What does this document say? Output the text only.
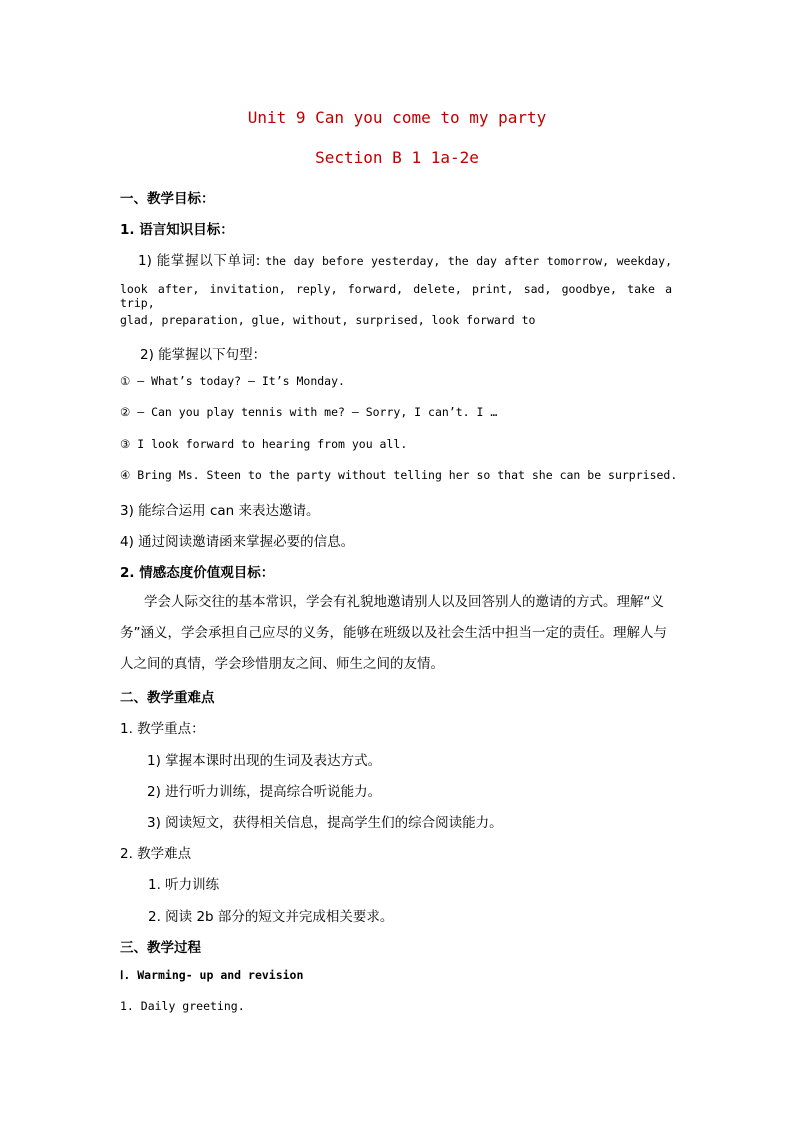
Unit 9 Can you come to my party
Section B 1 1a-2e
一、教学目标：
1. 语言知识目标：
1) 能掌握以下单词: the day before yesterday, the day after tomorrow, weekday,
look after, invitation, reply, forward, delete, print, sad, goodbye, take a trip,
glad, preparation, glue, without, surprised, look forward to
2) 能掌握以下句型：
① — What’s today? — It’s Monday.
② — Can you play tennis with me? — Sorry, I can’t. I …
③ I look forward to hearing from you all.
④ Bring Ms. Steen to the party without telling her so that she can be surprised.
3) 能综合运用 can 来表达邀请。
4) 通过阅读邀请函来掌握必要的信息。
2. 情感态度价值观目标：
学会人际交往的基本常识，学会有礼貌地邀请别人以及回答别人的邀请的方式。理解“义务”涵义，学会承担自己应尽的义务，能够在班级以及社会生活中担当一定的责任。理解人与人之间的真情，学会珍惜朋友之间、师生之间的友情。
二、教学重难点
1. 教学重点：
1) 掌握本课时出现的生词及表达方式。
2) 进行听力训练，提高综合听说能力。
3) 阅读短文，获得相关信息，提高学生们的综合阅读能力。
2. 教学难点
1. 听力训练
2. 阅读 2b 部分的短文并完成相关要求。
三、教学过程
Ⅰ. Warming- up and revision
1. Daily greeting.
